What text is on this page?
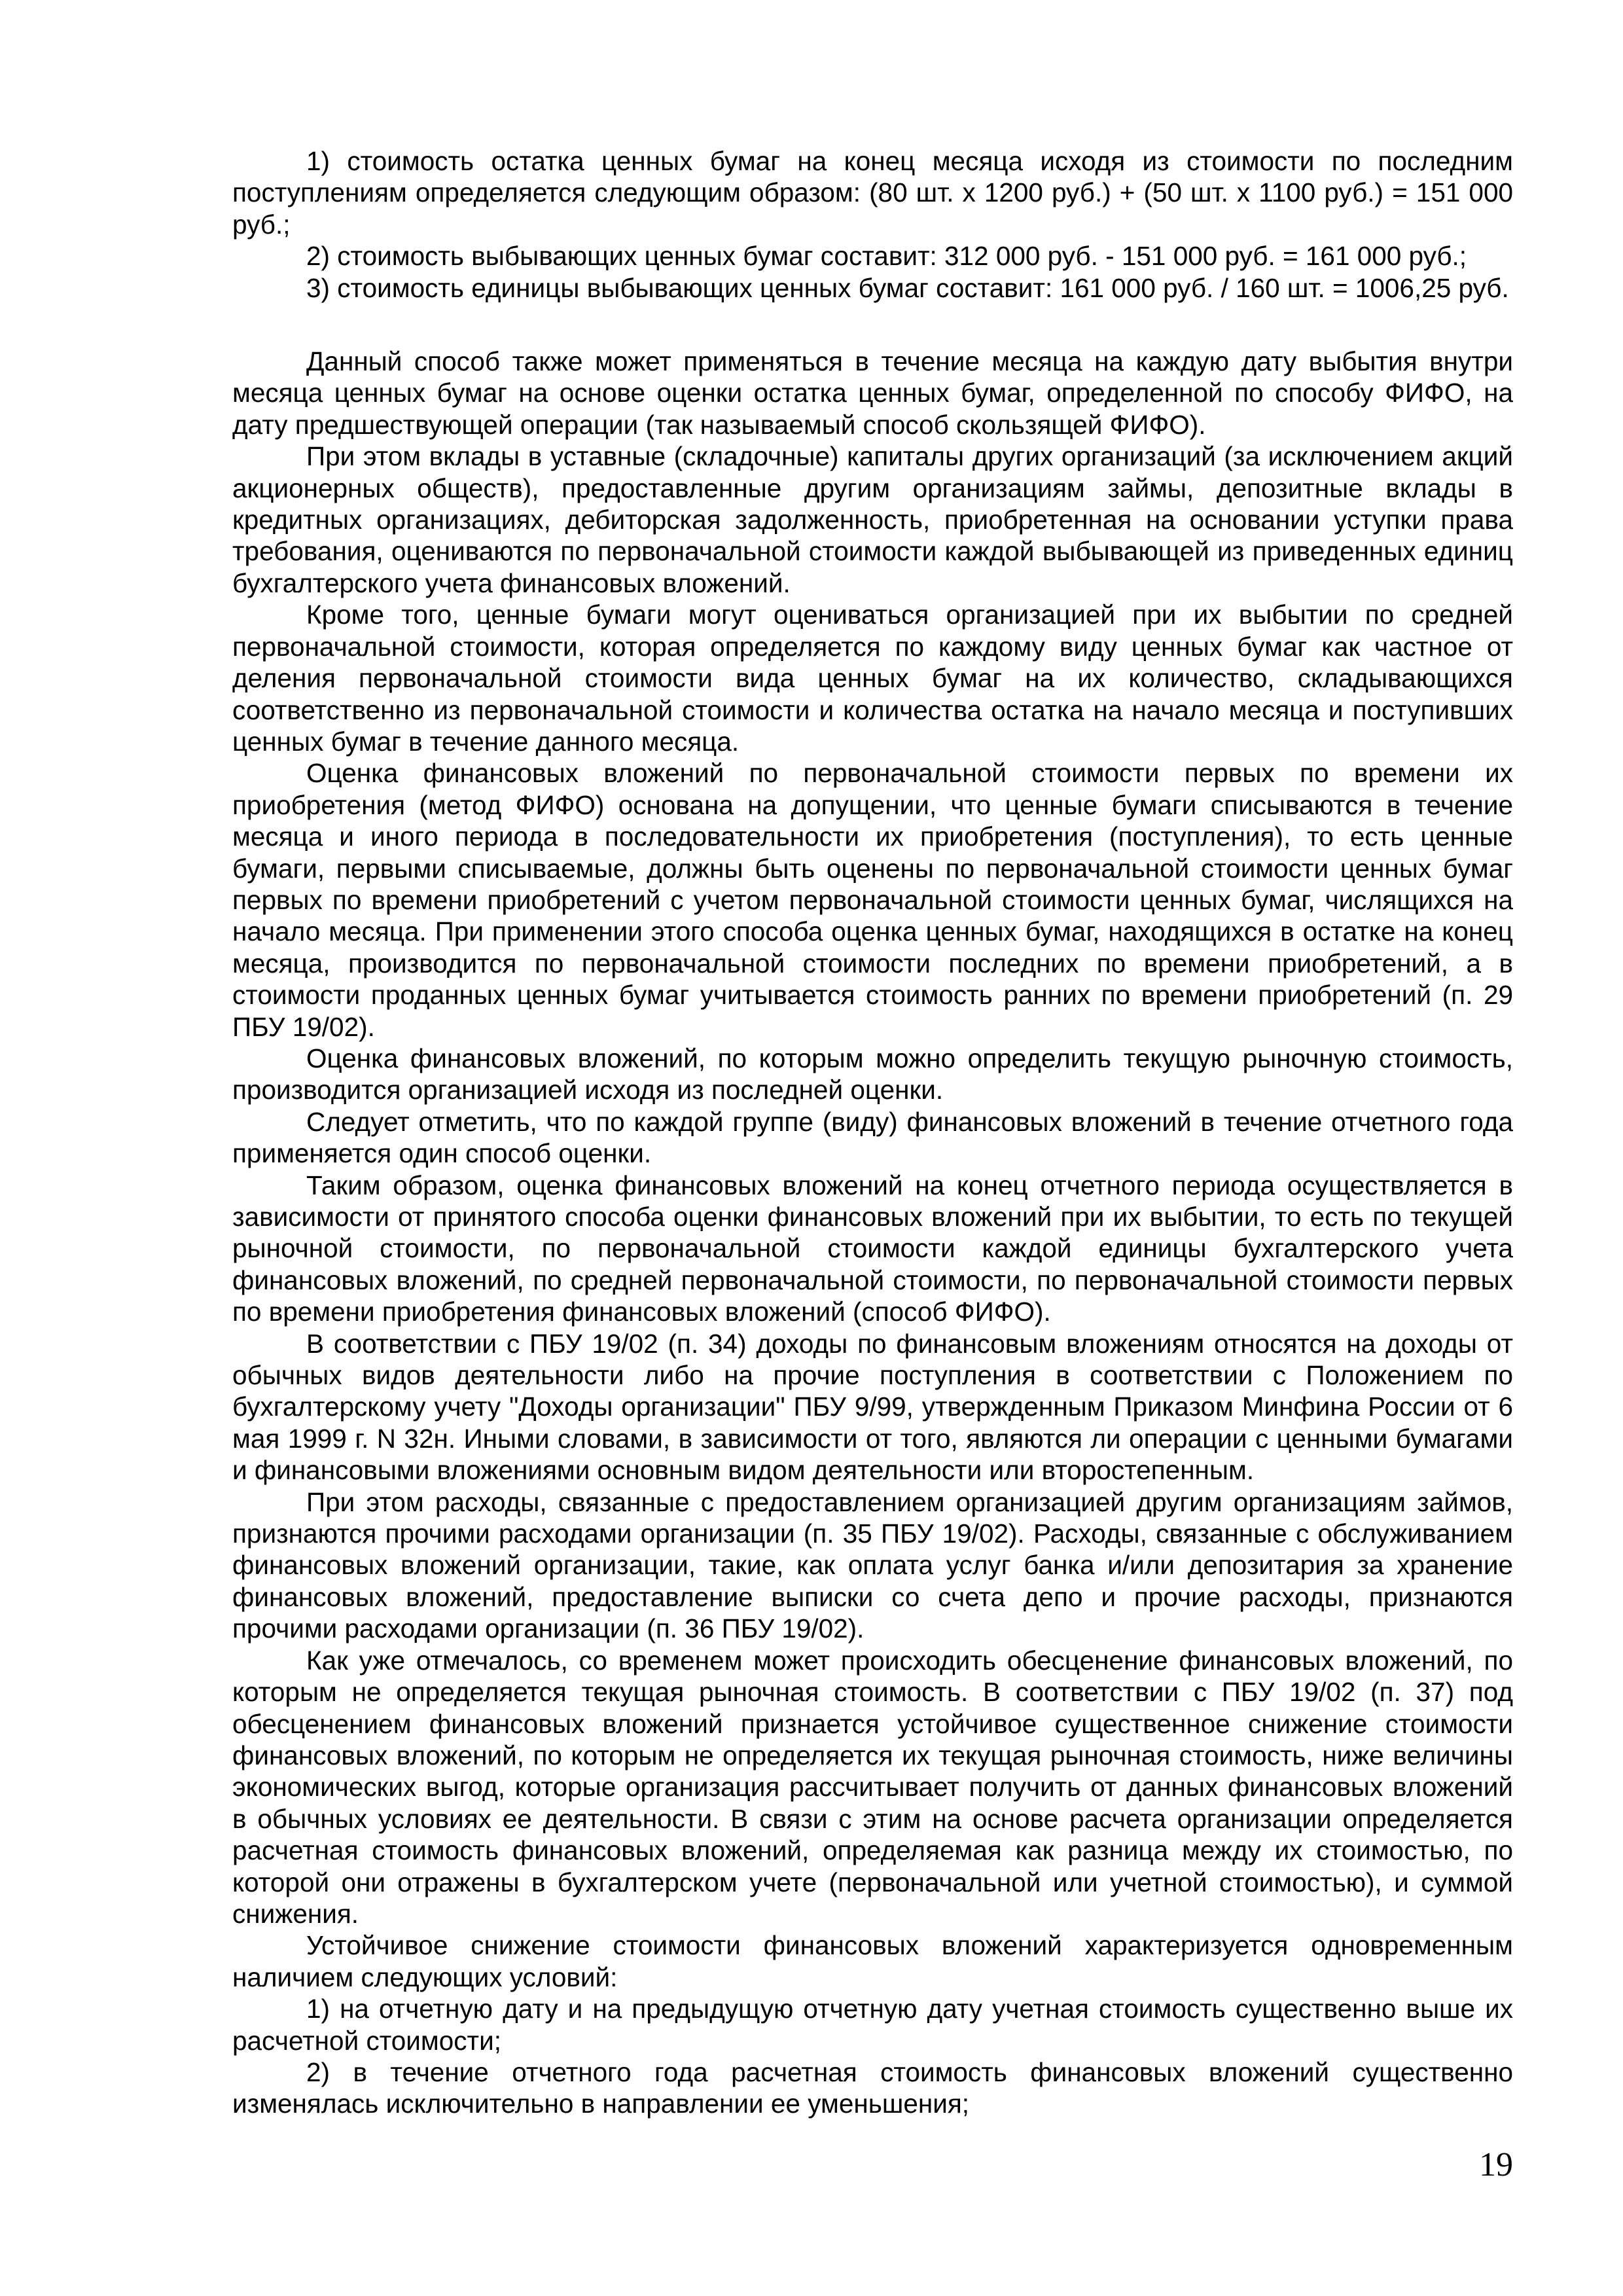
1) стоимость остатка ценных бумаг на конец месяца исходя из стоимости по последним поступлениям определяется следующим образом: (80 шт. x 1200 руб.) + (50 шт. x 1100 руб.) = 151 000 руб.;

2) стоимость выбывающих ценных бумаг составит: 312 000 руб. - 151 000 руб. = 161 000 руб.;

3) стоимость единицы выбывающих ценных бумаг составит: 161 000 руб. / 160 шт. = 1006,25 руб.

Данный способ также может применяться в течение месяца на каждую дату выбытия внутри месяца ценных бумаг на основе оценки остатка ценных бумаг, определенной по способу ФИФО, на дату предшествующей операции (так называемый способ скользящей ФИФО).

При этом вклады в уставные (складочные) капиталы других организаций (за исключением акций акционерных обществ), предоставленные другим организациям займы, депозитные вклады в кредитных организациях, дебиторская задолженность, приобретенная на основании уступки права требования, оцениваются по первоначальной стоимости каждой выбывающей из приведенных единиц бухгалтерского учета финансовых вложений.

Кроме того, ценные бумаги могут оцениваться организацией при их выбытии по средней первоначальной стоимости, которая определяется по каждому виду ценных бумаг как частное от деления первоначальной стоимости вида ценных бумаг на их количество, складывающихся соответственно из первоначальной стоимости и количества остатка на начало месяца и поступивших ценных бумаг в течение данного месяца.

Оценка финансовых вложений по первоначальной стоимости первых по времени их приобретения (метод ФИФО) основана на допущении, что ценные бумаги списываются в течение месяца и иного периода в последовательности их приобретения (поступления), то есть ценные бумаги, первыми списываемые, должны быть оценены по первоначальной стоимости ценных бумаг первых по времени приобретений с учетом первоначальной стоимости ценных бумаг, числящихся на начало месяца. При применении этого способа оценка ценных бумаг, находящихся в остатке на конец месяца, производится по первоначальной стоимости последних по времени приобретений, а в стоимости проданных ценных бумаг учитывается стоимость ранних по времени приобретений (п. 29 ПБУ 19/02).

Оценка финансовых вложений, по которым можно определить текущую рыночную стоимость, производится организацией исходя из последней оценки.

Следует отметить, что по каждой группе (виду) финансовых вложений в течение отчетного года применяется один способ оценки.

Таким образом, оценка финансовых вложений на конец отчетного периода осуществляется в зависимости от принятого способа оценки финансовых вложений при их выбытии, то есть по текущей рыночной стоимости, по первоначальной стоимости каждой единицы бухгалтерского учета финансовых вложений, по средней первоначальной стоимости, по первоначальной стоимости первых по времени приобретения финансовых вложений (способ ФИФО).

В соответствии с ПБУ 19/02 (п. 34) доходы по финансовым вложениям относятся на доходы от обычных видов деятельности либо на прочие поступления в соответствии с Положением по бухгалтерскому учету "Доходы организации" ПБУ 9/99, утвержденным Приказом Минфина России от 6 мая 1999 г. N 32н. Иными словами, в зависимости от того, являются ли операции с ценными бумагами и финансовыми вложениями основным видом деятельности или второстепенным.

При этом расходы, связанные с предоставлением организацией другим организациям займов, признаются прочими расходами организации (п. 35 ПБУ 19/02). Расходы, связанные с обслуживанием финансовых вложений организации, такие, как оплата услуг банка и/или депозитария за хранение финансовых вложений, предоставление выписки со счета депо и прочие расходы, признаются прочими расходами организации (п. 36 ПБУ 19/02).

Как уже отмечалось, со временем может происходить обесценение финансовых вложений, по которым не определяется текущая рыночная стоимость. В соответствии с ПБУ 19/02 (п. 37) под обесценением финансовых вложений признается устойчивое существенное снижение стоимости финансовых вложений, по которым не определяется их текущая рыночная стоимость, ниже величины экономических выгод, которые организация рассчитывает получить от данных финансовых вложений в обычных условиях ее деятельности. В связи с этим на основе расчета организации определяется расчетная стоимость финансовых вложений, определяемая как разница между их стоимостью, по которой они отражены в бухгалтерском учете (первоначальной или учетной стоимостью), и суммой снижения.

Устойчивое снижение стоимости финансовых вложений характеризуется одновременным наличием следующих условий:

1) на отчетную дату и на предыдущую отчетную дату учетная стоимость существенно выше их расчетной стоимости;

2) в течение отчетного года расчетная стоимость финансовых вложений существенно изменялась исключительно в направлении ее уменьшения;

19
